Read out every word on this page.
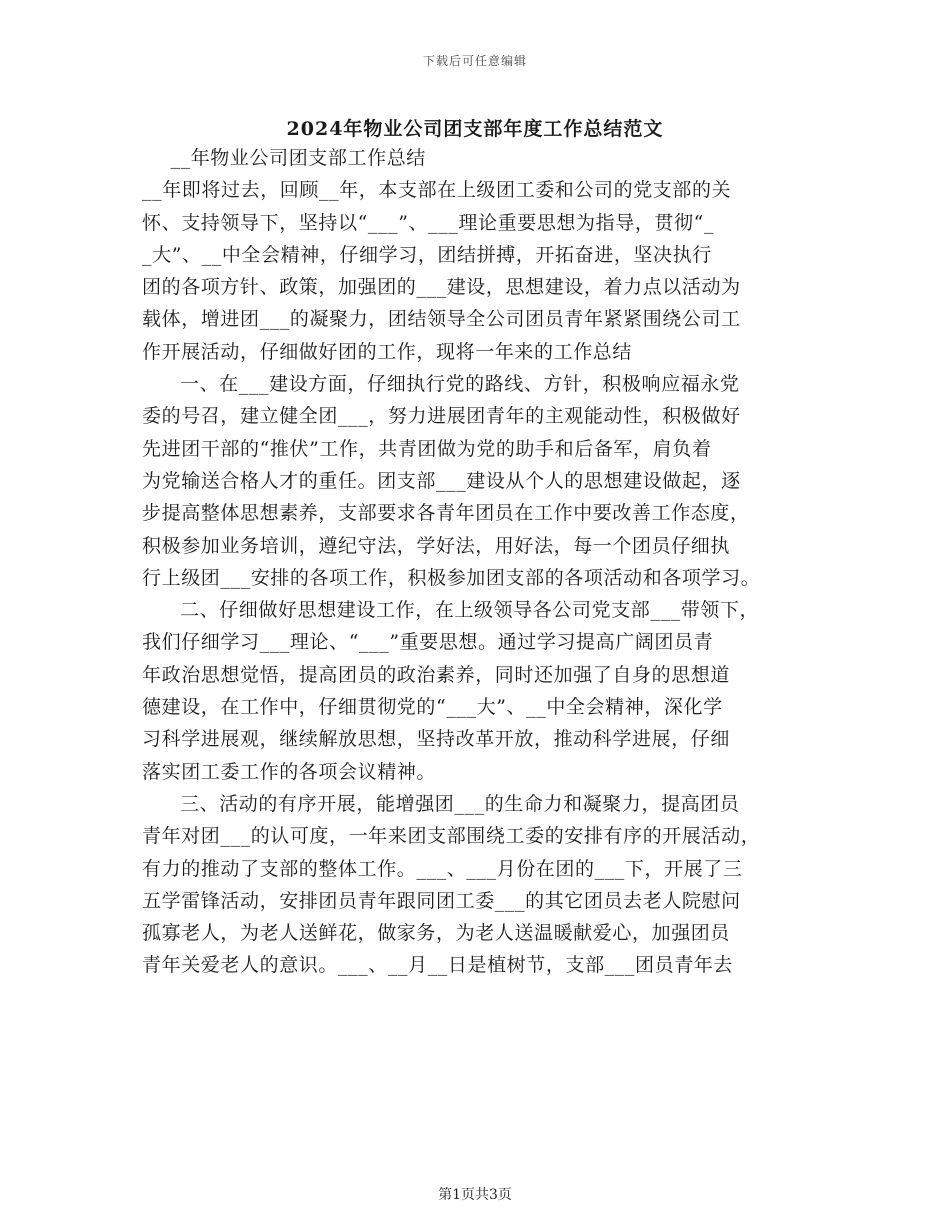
下载后可任意编辑
2024年物业公司团支部年度工作总结范文
__年物业公司团支部工作总结
__年即将过去，回顾__年，本支部在上级团工委和公司的党支部的关
怀、支持领导下，坚持以“___”、___理论重要思想为指导，贯彻“_
_大”、__中全会精神，仔细学习，团结拼搏，开拓奋进，坚决执行
团的各项方针、政策，加强团的___建设，思想建设，着力点以活动为
载体，增进团___的凝聚力，团结领导全公司团员青年紧紧围绕公司工
作开展活动，仔细做好团的工作，现将一年来的工作总结
一、在___建设方面，仔细执行党的路线、方针，积极响应福永党
委的号召，建立健全团___，努力进展团青年的主观能动性，积极做好
先进团干部的“推伏”工作，共青团做为党的助手和后备军，肩负着
为党输送合格人才的重任。团支部___建设从个人的思想建设做起，逐
步提高整体思想素养，支部要求各青年团员在工作中要改善工作态度，
积极参加业务培训，遵纪守法，学好法，用好法，每一个团员仔细执
行上级团___安排的各项工作，积极参加团支部的各项活动和各项学习。
二、仔细做好思想建设工作，在上级领导各公司党支部___带领下，
我们仔细学习___理论、“___”重要思想。通过学习提高广阔团员青
年政治思想觉悟，提高团员的政治素养，同时还加强了自身的思想道
德建设，在工作中，仔细贯彻党的“___大”、__中全会精神，深化学
习科学进展观，继续解放思想，坚持改革开放，推动科学进展，仔细
落实团工委工作的各项会议精神。
三、活动的有序开展，能增强团___的生命力和凝聚力，提高团员
青年对团___的认可度，一年来团支部围绕工委的安排有序的开展活动，
有力的推动了支部的整体工作。___、___月份在团的___下，开展了三
五学雷锋活动，安排团员青年跟同团工委___的其它团员去老人院慰问
孤寡老人，为老人送鲜花，做家务，为老人送温暖献爱心，加强团员
青年关爱老人的意识。___、__月__日是植树节，支部___团员青年去
第1页共3页
